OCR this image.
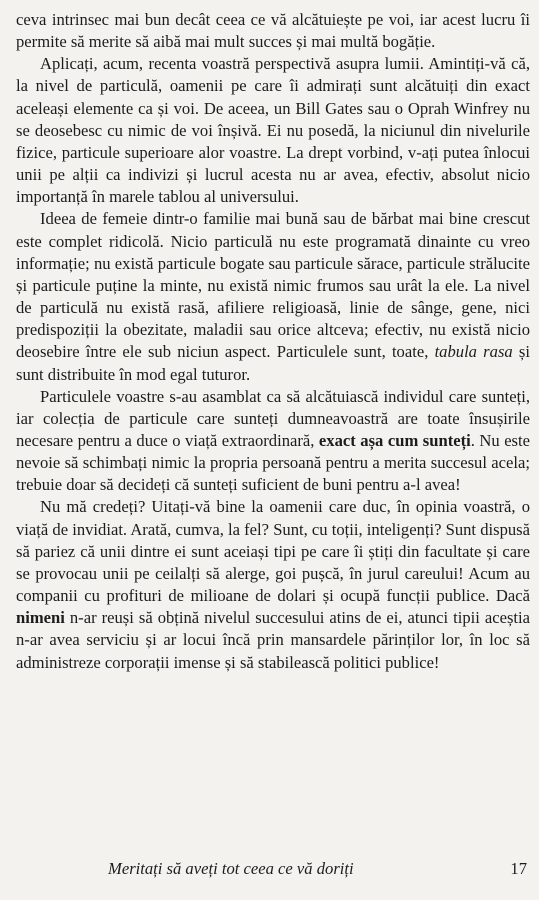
ceva intrinsec mai bun decât ceea ce vă alcătuiește pe voi, iar acest lucru îi permite să merite să aibă mai mult succes și mai multă bogăție.

Aplicați, acum, recenta voastră perspectivă asupra lumii. Amintiți-vă că, la nivel de particulă, oamenii pe care îi admirați sunt alcătuiți din exact aceleași elemente ca și voi. De aceea, un Bill Gates sau o Oprah Winfrey nu se deosebesc cu nimic de voi înșivă. Ei nu posedă, la niciunul din nivelurile fizice, particule superioare alor voastre. La drept vorbind, v-ați putea înlocui unii pe alții ca indivizi și lucrul acesta nu ar avea, efectiv, absolut nicio importanță în marele tablou al universului.

Ideea de femeie dintr-o familie mai bună sau de bărbat mai bine crescut este complet ridicolă. Nicio particulă nu este programată dinainte cu vreo informație; nu există particule bogate sau particule sărace, particule strălucite și particule puține la minte, nu există nimic frumos sau urât la ele. La nivel de particulă nu există rasă, afiliere religioasă, linie de sânge, gene, nici predispoziții la obezitate, maladii sau orice altceva; efectiv, nu există nicio deosebire între ele sub niciun aspect. Particulele sunt, toate, tabula rasa și sunt distribuite în mod egal tuturor.

Particulele voastre s-au asamblat ca să alcătuiască individul care sunteți, iar colecția de particule care sunteți dumneavoastră are toate însușirile necesare pentru a duce o viață extraordinară, exact așa cum sunteți. Nu este nevoie să schimbați nimic la propria persoană pentru a merita succesul acela; trebuie doar să decideți că sunteți suficient de buni pentru a-l avea!

Nu mă credeți? Uitați-vă bine la oamenii care duc, în opinia voastră, o viață de invidiat. Arată, cumva, la fel? Sunt, cu toții, inteligenți? Sunt dispusă să pariez că unii dintre ei sunt aceiași tipi pe care îi știți din facultate și care se provocau unii pe ceilalți să alerge, goi pușcă, în jurul careului! Acum au companii cu profituri de milioane de dolari și ocupă funcții publice. Dacă nimeni n-ar reuși să obțină nivelul succesului atins de ei, atunci tipii aceștia n-ar avea serviciu și ar locui încă prin mansardele părinților lor, în loc să administreze corporații imense și să stabilească politici publice!

Meritați să aveți tot ceea ce vă doriți	17
